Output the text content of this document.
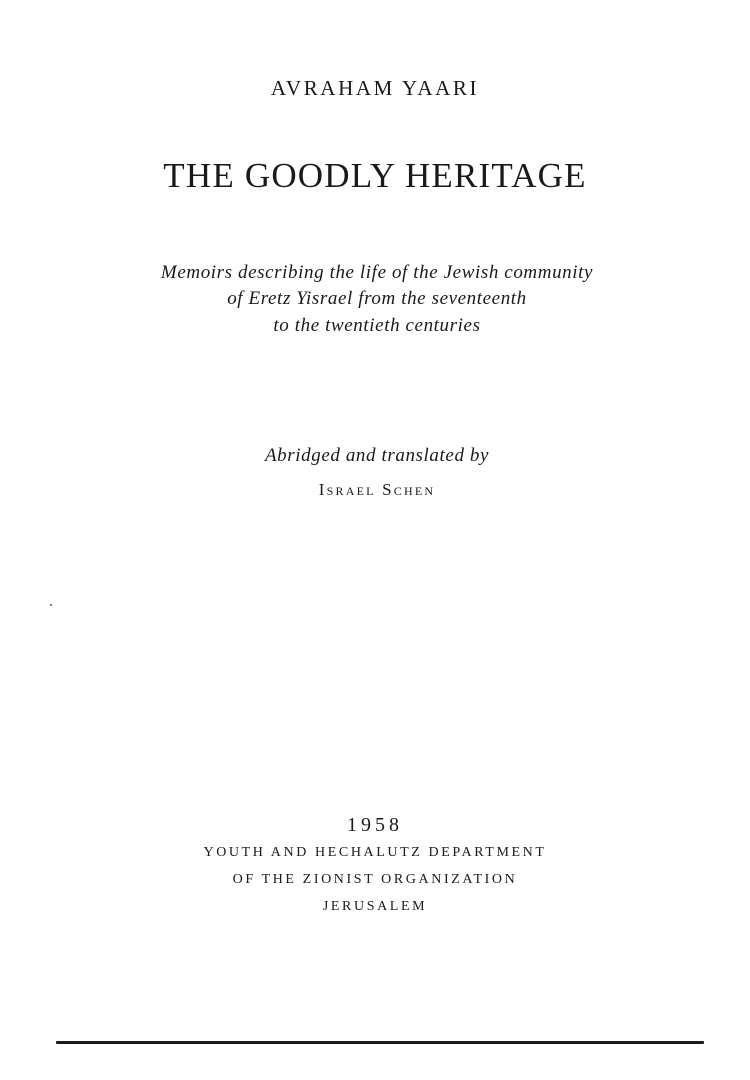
AVRAHAM YAARI
THE GOODLY HERITAGE
Memoirs describing the life of the Jewish community
of Eretz Yisrael from the seventeenth
to the twentieth centuries
Abridged and translated by
Israel Schen
1958
YOUTH AND HECHALUTZ DEPARTMENT
OF THE ZIONIST ORGANIZATION
JERUSALEM
